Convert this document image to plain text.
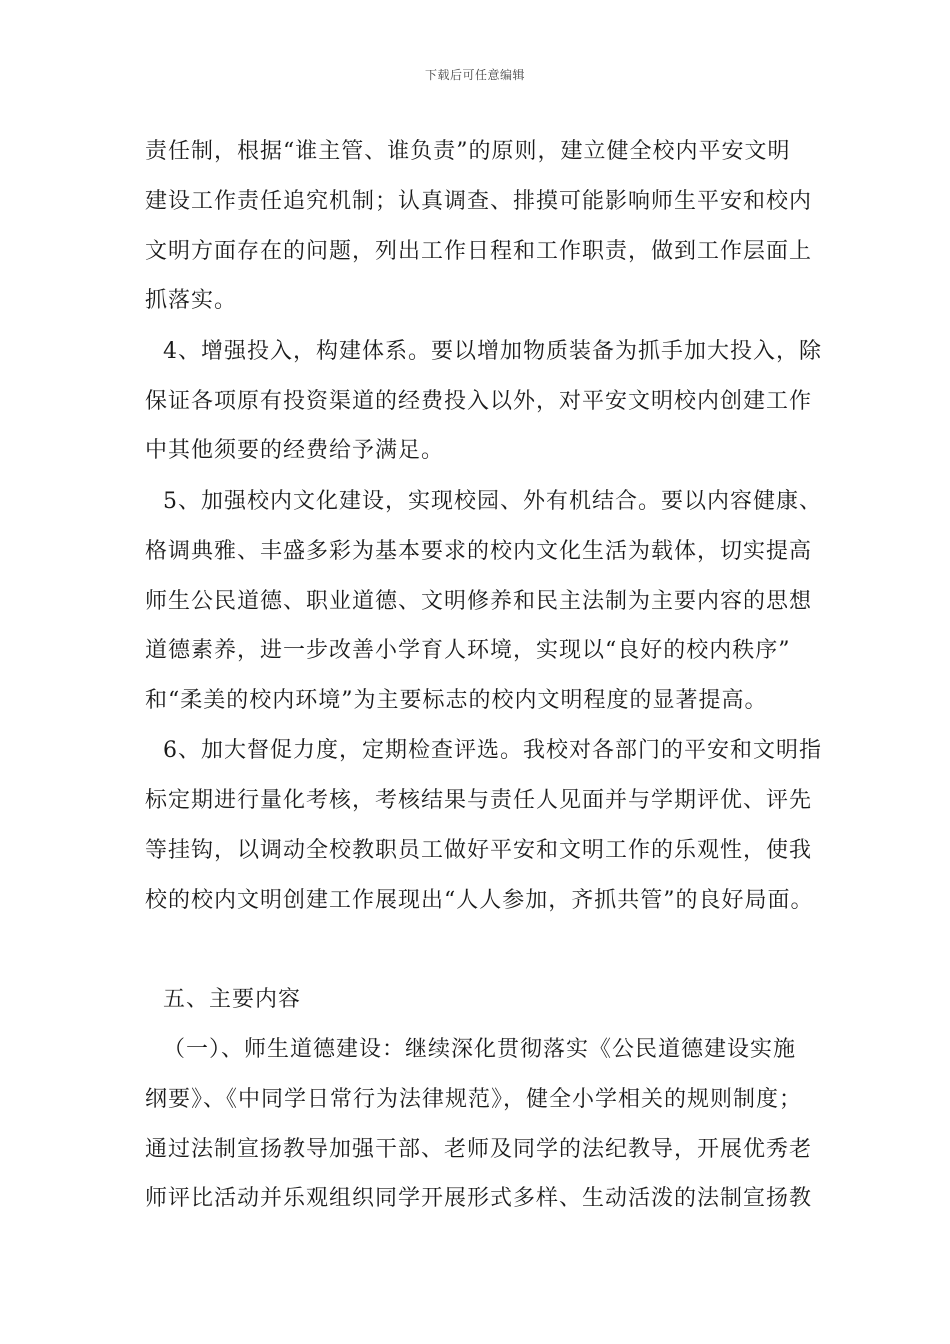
下载后可任意编辑
责任制，根据“谁主管、谁负责”的原则，建立健全校内平安文明
建设工作责任追究机制；认真调查、排摸可能影响师生平安和校内
文明方面存在的问题，列出工作日程和工作职责，做到工作层面上
抓落实。
4、增强投入，构建体系。要以增加物质装备为抓手加大投入，除
保证各项原有投资渠道的经费投入以外，对平安文明校内创建工作
中其他须要的经费给予满足。
5、加强校内文化建设，实现校园、外有机结合。要以内容健康、
格调典雅、丰盛多彩为基本要求的校内文化生活为载体，切实提高
师生公民道德、职业道德、文明修养和民主法制为主要内容的思想
道德素养，进一步改善小学育人环境，实现以“良好的校内秩序”
和“柔美的校内环境”为主要标志的校内文明程度的显著提高。
6、加大督促力度，定期检查评选。我校对各部门的平安和文明指
标定期进行量化考核，考核结果与责任人见面并与学期评优、评先
等挂钩，以调动全校教职员工做好平安和文明工作的乐观性，使我
校的校内文明创建工作展现出“人人参加，齐抓共管”的良好局面。
五、主要内容
（一）、师生道德建设：继续深化贯彻落实《公民道德建设实施
纲要》、《中同学日常行为法律规范》，健全小学相关的规则制度；
通过法制宣扬教导加强干部、老师及同学的法纪教导，开展优秀老
师评比活动并乐观组织同学开展形式多样、生动活泼的法制宣扬教
